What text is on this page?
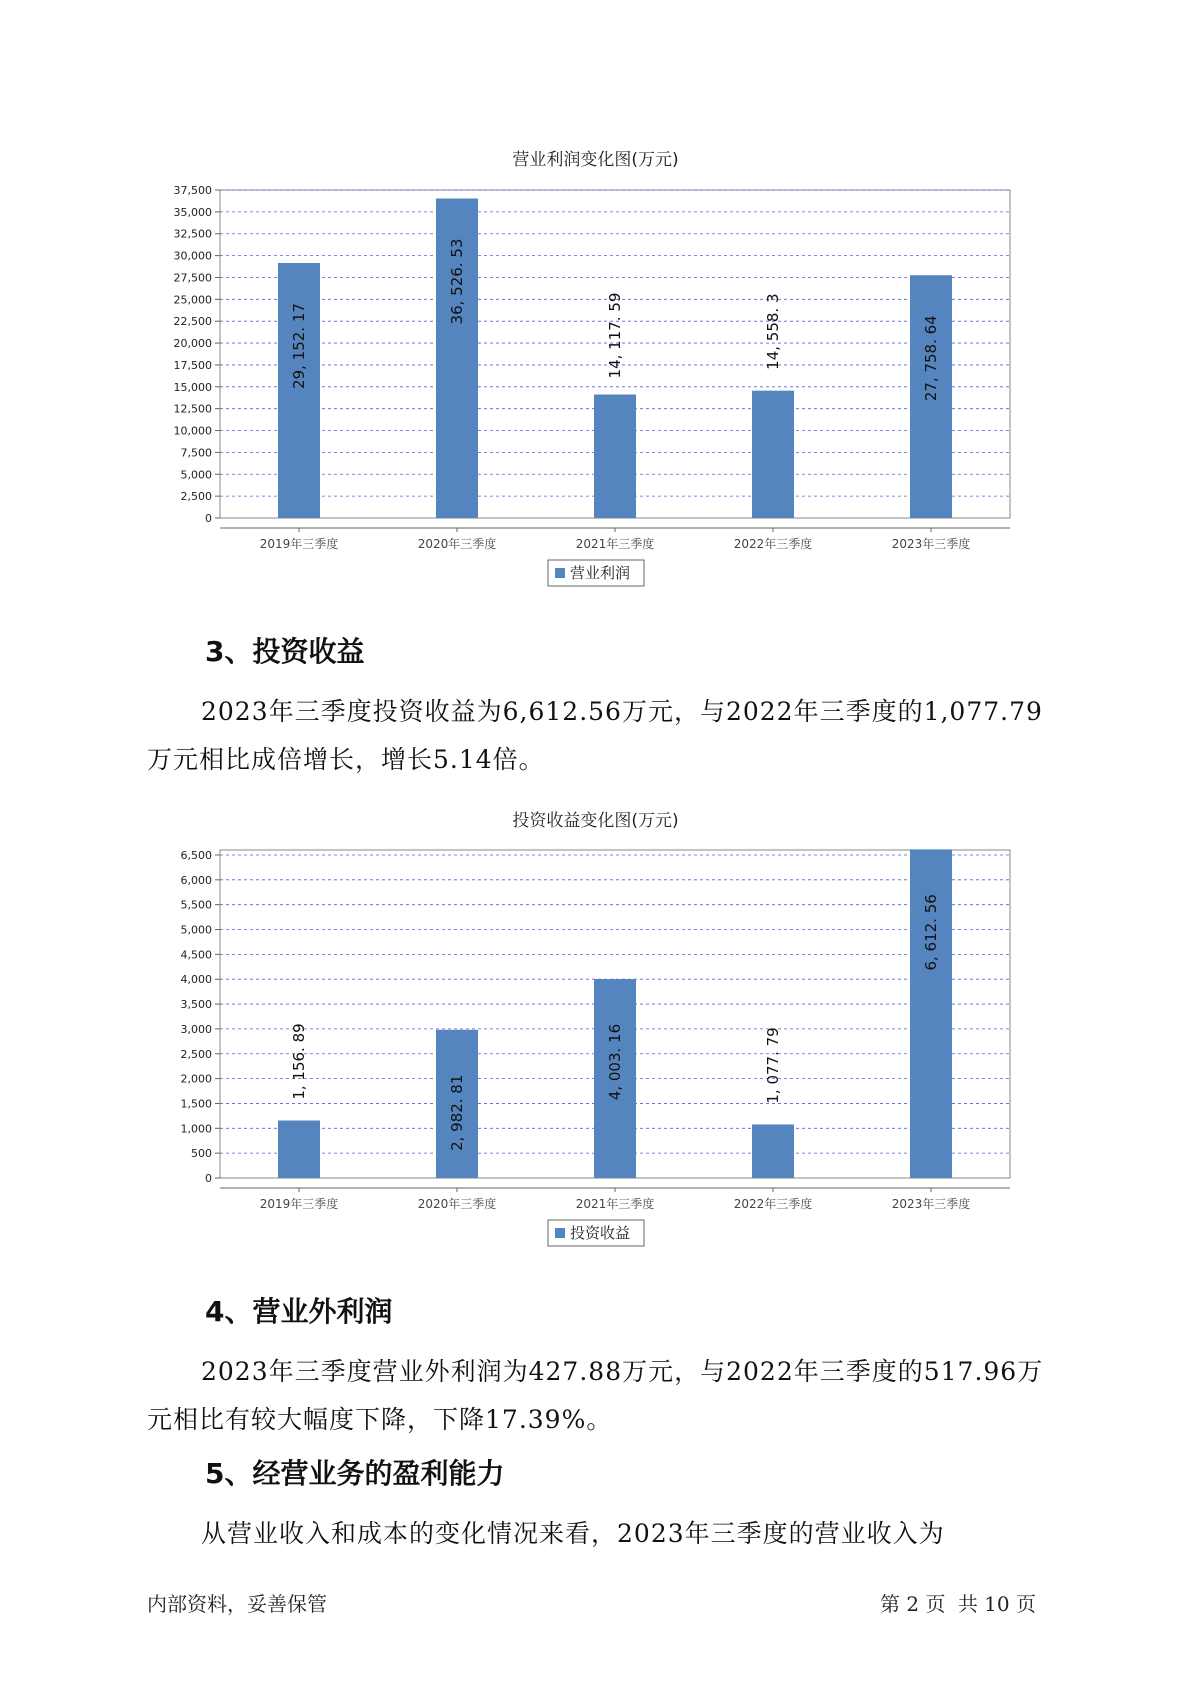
营业利润变化图(万元)
0
2,500
5,000
7,500
10,000
12,500
15,000
17,500
20,000
22,500
25,000
27,500
30,000
32,500
35,000
37,500
2019年三季度
29, 152. 17
2020年三季度
36, 526. 53
2021年三季度
14, 117. 59
2022年三季度
14, 558. 3
2023年三季度
27, 758. 64
营业利润
3、投资收益

2023年三季度投资收益为6,612.56万元，与2022年三季度的1,077.79万元相比成倍增长，增长5.14倍。

投资收益变化图(万元)
0
500
1,000
1,500
2,000
2,500
3,000
3,500
4,000
4,500
5,000
5,500
6,000
6,500
2019年三季度
1, 156. 89
2020年三季度
2, 982. 81
2021年三季度
4, 003. 16
2022年三季度
1, 077. 79
2023年三季度
6, 612. 56
投资收益
4、营业外利润

2023年三季度营业外利润为427.88万元，与2022年三季度的517.96万元相比有较大幅度下降，下降17.39%。

5、经营业务的盈利能力

从营业收入和成本的变化情况来看，2023年三季度的营业收入为

内部资料，妥善保管	第 2 页 共 10 页
